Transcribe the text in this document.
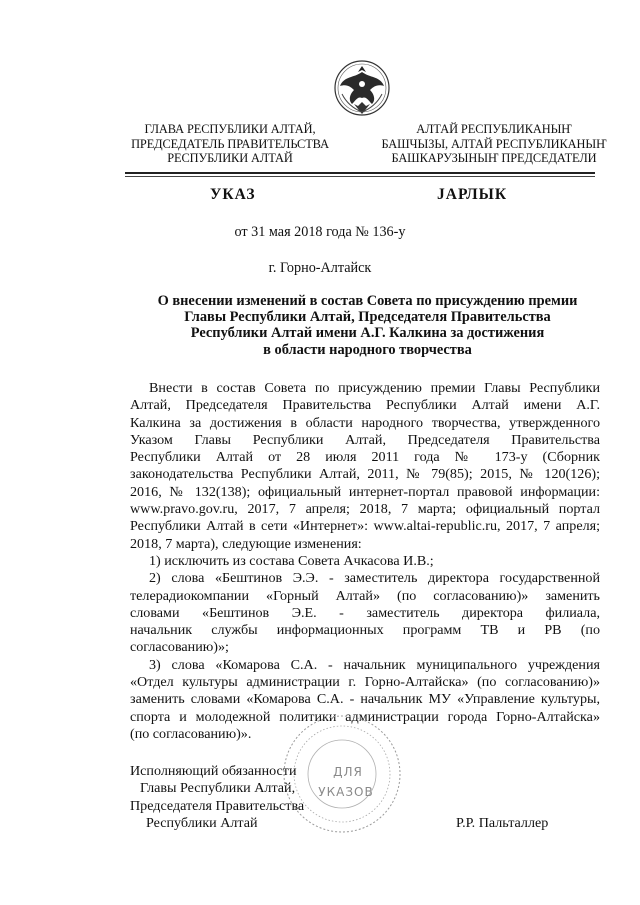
ГЛАВА РЕСПУБЛИКИ АЛТАЙ,
ПРЕДСЕДАТЕЛЬ ПРАВИТЕЛЬСТВА
РЕСПУБЛИКИ АЛТАЙ
АЛТАЙ РЕСПУБЛИКАНЫҤ
БАШЧЫЗЫ, АЛТАЙ РЕСПУБЛИКАНЫҤ
БАШКАРУЗЫНЫҤ ПРЕДСЕДАТЕЛИ
УКАЗ	ЈАРЛЫК
от 31 мая 2018 года № 136-у
г. Горно-Алтайск
О внесении изменений в состав Совета по присуждению премии
Главы Республики Алтай, Председателя Правительства
Республики Алтай имени А.Г. Калкина за достижения
в области народного творчества
Внести в состав Совета по присуждению премии Главы Республики
Алтай, Председателя Правительства Республики Алтай имени А.Г.
Калкина за достижения в области народного творчества, утвержденного
Указом Главы Республики Алтай, Председателя Правительства
Республики Алтай от 28 июля 2011 года № 173-у (Сборник
законодательства Республики Алтай, 2011, № 79(85); 2015, № 120(126);
2016, № 132(138); официальный интернет-портал правовой информации:
www.pravo.gov.ru, 2017, 7 апреля; 2018, 7 марта; официальный портал
Республики Алтай в сети «Интернет»: www.altai-republic.ru, 2017, 7 апреля;
2018, 7 марта), следующие изменения:
1) исключить из состава Совета Ачкасова И.В.;
2) слова «Бештинов Э.Э. - заместитель директора государственной
телерадиокомпании «Горный Алтай» (по согласованию)» заменить
словами «Бештинов Э.Е. - заместитель директора филиала,
начальник службы информационных программ ТВ и РВ (по
согласованию)»;
3) слова «Комарова С.А. - начальник муниципального учреждения
«Отдел культуры администрации г. Горно-Алтайска» (по согласованию)»
заменить словами «Комарова С.А. - начальник МУ «Управление культуры,
спорта и молодежной политики администрации города Горно-Алтайска»
(по согласованию)».
ДЛЯ
УКАЗОВ
Исполняющий обязанности
Главы Республики Алтай,
Председателя Правительства
Республики Алтай	Р.Р. Пальталлер
